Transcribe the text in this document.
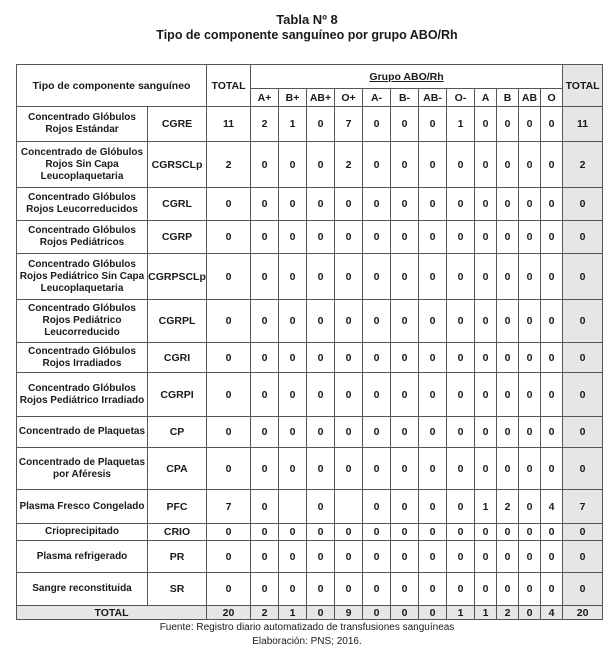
Tabla Nº 8
Tipo de componente sanguíneo por grupo ABO/Rh
Tipo de componente sanguíneo		TOTAL	Grupo ABO/Rh												TOTAL
			A+	B+	AB+	O+	A-	B-	AB-	O-	A	B	AB	O	

Concentrado Glóbulos
Rojos Estándar	CGRE	11	2	1	0	7	0	0	0	1	0	0	0	0	11

Concentrado de Glóbulos
Rojos Sin Capa
Leucoplaquetaria	CGRSCLp	2	0	0	0	2	0	0	0	0	0	0	0	0	2

Concentrado Glóbulos
Rojos Leucorreducidos	CGRL	0	0	0	0	0	0	0	0	0	0	0	0	0	0

Concentrado Glóbulos
Rojos Pediátricos	CGRP	0	0	0	0	0	0	0	0	0	0	0	0	0	0

Concentrado Glóbulos
Rojos Pediátrico Sin Capa
Leucoplaquetaria	CGRPSCLp	0	0	0	0	0	0	0	0	0	0	0	0	0	0

Concentrado Glóbulos
Rojos Pediátrico
Leucorreducido	CGRPL	0	0	0	0	0	0	0	0	0	0	0	0	0	0

Concentrado Glóbulos
Rojos Irradiados	CGRI	0	0	0	0	0	0	0	0	0	0	0	0	0	0

Concentrado Glóbulos
Rojos Pediátrico Irradiado	CGRPI	0	0	0	0	0	0	0	0	0	0	0	0	0	0

Concentrado de Plaquetas	CP	0	0	0	0	0	0	0	0	0	0	0	0	0	0

Concentrado de Plaquetas
por Aféresis	CPA	0	0	0	0	0	0	0	0	0	0	0	0	0	0

Plasma Fresco Congelado	PFC	7	0		0		0	0	0	0	1	2	0	4	7

Crioprecipitado	CRIO	0	0	0	0	0	0	0	0	0	0	0	0	0	0

Plasma refrigerado	PR	0	0	0	0	0	0	0	0	0	0	0	0	0	0

Sangre reconstituida	SR	0	0	0	0	0	0	0	0	0	0	0	0	0	0
TOTAL		20	2	1	0	9	0	0	0	1	1	2	0	4	20
Fuente: Registro diario automatizado de transfusiones sanguíneas
Elaboración: PNS; 2016.
